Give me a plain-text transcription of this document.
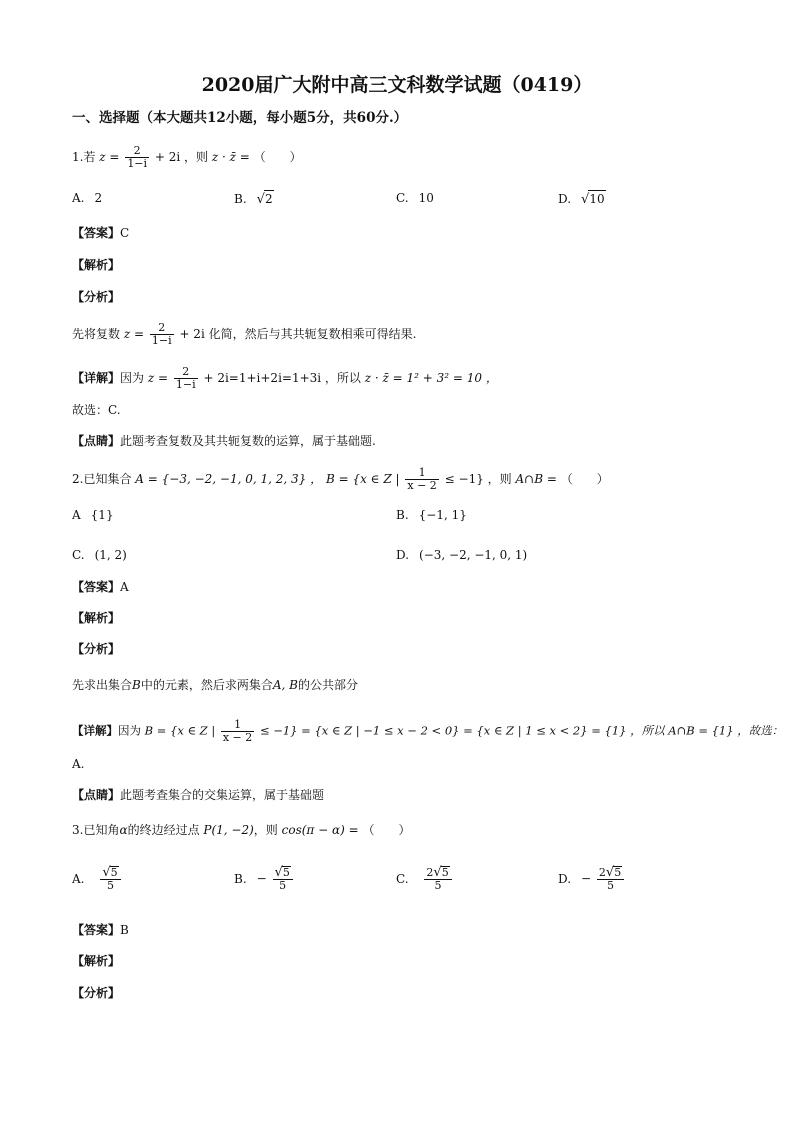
2020届广大附中高三文科数学试题（0419）
一、选择题（本大题共12小题，每小题5分，共60分.）
1.若 $z = \frac{2}{1-i} + 2i$ ，则 z · z̄ = （　　）
A. 2	B. √2	C. 10	D. √10
【答案】C
【解析】
【分析】
先将复数 $z = \frac{2}{1-i} + 2i$ 化简，然后与其共轭复数相乘可得结果.
【详解】因为 $z = \frac{2}{1-i} + 2i=1+i+2i=1+3i$ ，所以 z · z̄ = 1² + 3² = 10 ，
故选：C.
【点睛】此题考查复数及其共轭复数的运算，属于基础题.
2.已知集合 A = {−3, −2, −1, 0, 1, 2, 3} ， B = {x ∈ Z | $\frac{1}{x - 2} \le -1$} ，则 A∩B = （　　）
A {1}	B. {−1, 1}
C. (1, 2)	D. (−3, −2, −1, 0, 1)
【答案】A
【解析】
【分析】
先求出集合B中的元素，然后求两集合A, B的公共部分
【详解】因为 B = {x ∈ Z | $\frac{1}{x - 2} \le -1\} = \{x$ ∈ Z | −1 ≤ x − 2 < 0} = {x ∈ Z | 1 ≤ x < 2} = {1} ，所以 A∩B = {1} ，故选：
A.
【点睛】此题考查集合的交集运算，属于基础题
3.已知角α的终边经过点 P(1, −2)，则 cos(π − α) = （　　）
A. $\frac{√5}{5}$	B. − $\frac{√5}{5}$	C. $\frac{2√5}{5}$	D. − $\frac{2√5}{5}$
【答案】B
【解析】
【分析】
